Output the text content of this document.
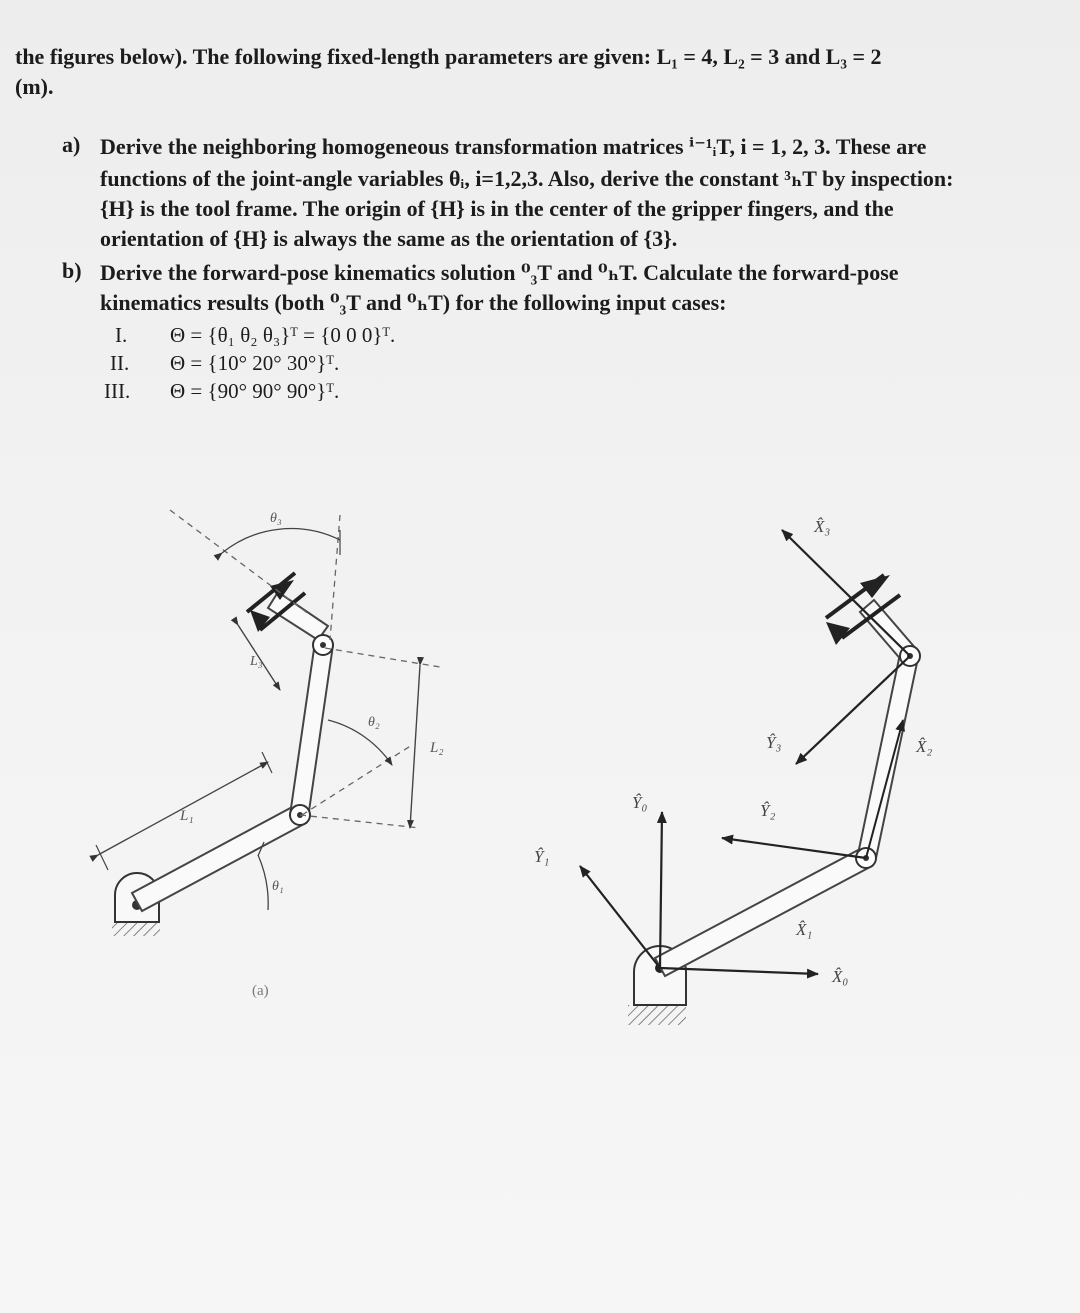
the figures below). The following fixed-length parameters are given: L₁ = 4, L₂ = 3 and L₃ = 2
(m).
a) Derive the neighboring homogeneous transformation matrices ⁱ⁻¹ᵢT, i = 1, 2, 3. These are
functions of the joint-angle variables θᵢ, i=1,2,3. Also, derive the constant ³ₕT by inspection:
{H} is the tool frame. The origin of {H} is in the center of the gripper fingers, and the
orientation of {H} is always the same as the orientation of {3}.
b) Derive the forward-pose kinematics solution ⁰₃T and ⁰ₕT. Calculate the forward-pose
kinematics results (both ⁰₃T and ⁰ₕT) for the following input cases:
I. Θ = {θ₁ θ₂ θ₃}ᵀ = {0 0 0}ᵀ.
II. Θ = {10° 20° 30°}ᵀ.
III. Θ = {90° 90° 90°}ᵀ.
θ₁
θ₂
θ₃
L₁
L₂
L₃
(a)
X̂₀
Ŷ₀
X̂₁
Ŷ₁
X̂₂
Ŷ₂
X̂₃
Ŷ₃
